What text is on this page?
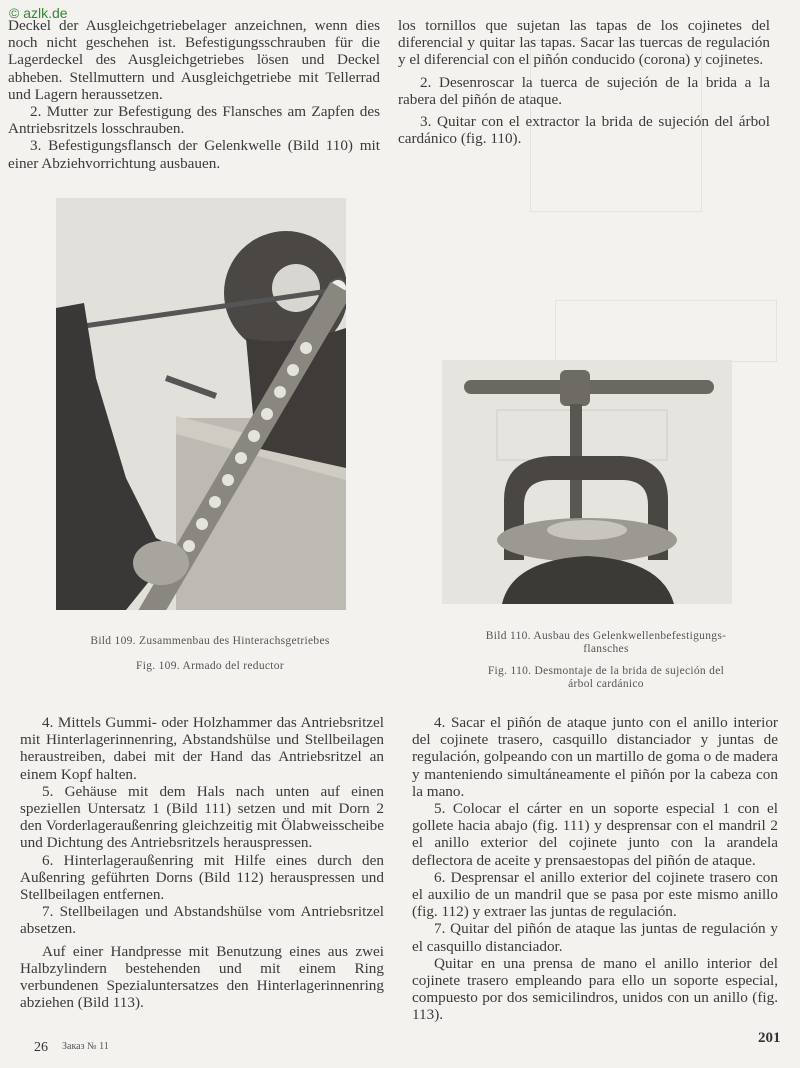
© azlk.de

Deckel der Ausgleichgetriebelager anzeichnen, wenn dies noch nicht geschehen ist. Befestigungsschrauben für die Lagerdeckel des Ausgleichgetriebes lösen und Deckel abheben. Stellmuttern und Ausgleichgetriebe mit Tellerrad und Lagern heraussetzen.

2. Mutter zur Befestigung des Flansches am Zapfen des Antriebsritzels losschrauben.

3. Befestigungsflansch der Gelenkwelle (Bild 110) mit einer Abziehvorrichtung ausbauen.

los tornillos que sujetan las tapas de los cojinetes del diferencial y quitar las tapas. Sacar las tuercas de regulación y el diferencial con el piñón conducido (corona) y cojinetes.

2. Desenroscar la tuerca de sujeción de la brida a la rabera del piñón de ataque.

3. Quitar con el extractor la brida de sujeción del árbol cardánico (fig. 110).

Bild 109. Zusammenbau des Hinterachsgetriebes
Fig. 109. Armado del reductor
Bild 110. Ausbau des Gelenkwellenbefestigungs-
flansches
Fig. 110. Desmontaje de la brida de sujeción del
árbol cardánico

4. Mittels Gummi- oder Holzhammer das Antriebsritzel mit Hinterlagerinnenring, Abstandshülse und Stellbeilagen heraustreiben, dabei mit der Hand das Antriebsritzel an einem Kopf halten.

5. Gehäuse mit dem Hals nach unten auf einen speziellen Untersatz 1 (Bild 111) setzen und mit Dorn 2 den Vorderlageraußenring gleichzeitig mit Ölabweisscheibe und Dichtung des Antriebsritzels herauspressen.

6. Hinterlageraußenring mit Hilfe eines durch den Außenring geführten Dorns (Bild 112) herauspressen und Stellbeilagen entfernen.

7. Stellbeilagen und Abstandshülse vom Antriebsritzel absetzen.

Auf einer Handpresse mit Benutzung eines aus zwei Halbzylindern bestehenden und mit einem Ring verbundenen Spezialuntersatzes den Hinterlagerinnenring abziehen (Bild 113).

4. Sacar el piñón de ataque junto con el anillo interior del cojinete trasero, casquillo distanciador y juntas de regulación, golpeando con un martillo de goma o de madera y manteniendo simultáneamente el piñón por la cabeza con la mano.

5. Colocar el cárter en un soporte especial 1 con el gollete hacia abajo (fig. 111) y desprensar con el mandril 2 el anillo exterior del cojinete junto con la arandela deflectora de aceite y prensaestopas del piñón de ataque.

6. Desprensar el anillo exterior del cojinete trasero con el auxilio de un mandril que se pasa por este mismo anillo (fig. 112) y extraer las juntas de regulación.

7. Quitar del piñón de ataque las juntas de regulación y el casquillo distanciador.

Quitar en una prensa de mano el anillo interior del cojinete trasero empleando para ello un soporte especial, compuesto por dos semicilindros, unidos con un anillo (fig. 113).

26 Заказ № 11
201
